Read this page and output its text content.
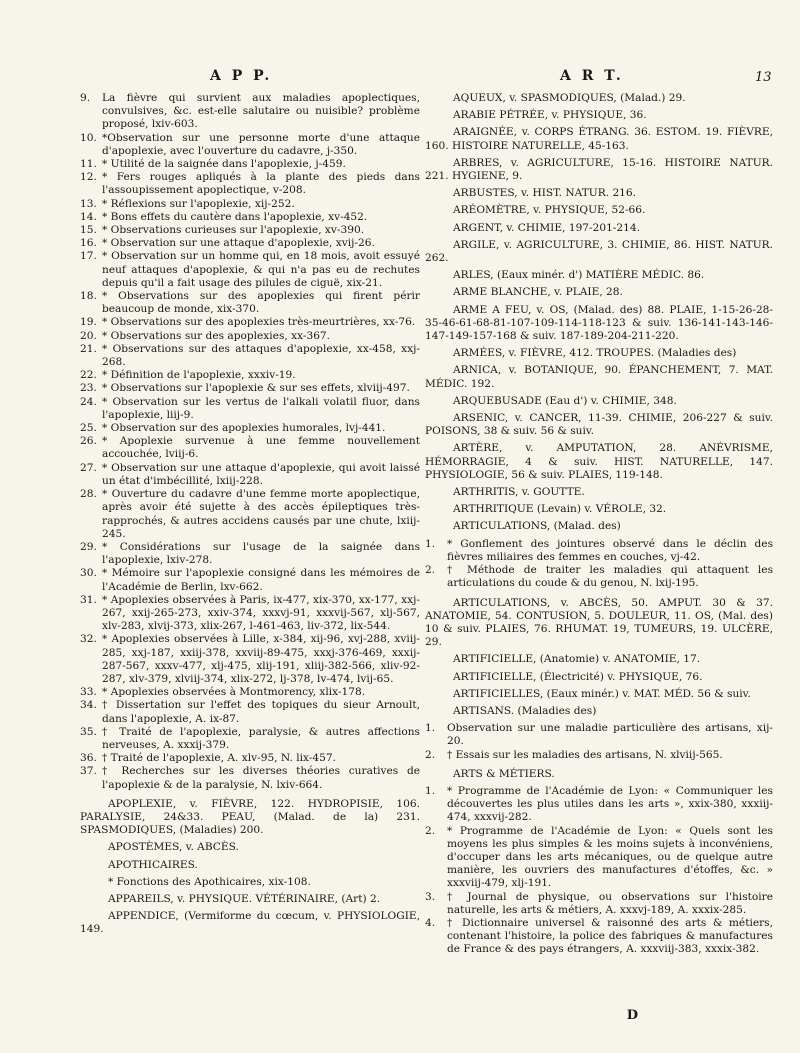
A P P.	A R T.	13
9.	La fièvre qui survient aux maladies apoplectiques, convulsives, &c. est-elle salutaire ou nuisible? problème proposé, lxiv-603.
10. *Observation sur une personne morte d'une attaque d'apoplexie, avec l'ouverture du cadavre, j-350.
11. * Utilité de la saignée dans l'apoplexie, j-459.
12. * Fers rouges apliqués à la plante des pieds dans l'assoupissement apoplectique, v-208.
13. * Réflexions sur l'apoplexie, xij-252.
14. * Bons effets du cautère dans l'apoplexie, xv-452.
15. * Observations curieuses sur l'apoplexie, xv-390.
16. * Observation sur une attaque d'apoplexie, xvij-26.
17. * Observation sur un homme qui, en 18 mois, avoit essuyé neuf attaques d'apoplexie, & qui n'a pas eu de rechutes depuis qu'il a fait usage des pilules de ciguë, xix-21.
18. * Observations sur des apoplexies qui firent périr beaucoup de monde, xix-370.
19. * Observations sur des apoplexies très-meurtrières, xx-76.
20. * Observations sur des apoplexies, xx-367.
21. * Observations sur des attaques d'apoplexie, xx-458, xxj-268.
22. * Définition de l'apoplexie, xxxiv-19.
23. * Observations sur l'apoplexie & sur ses effets, xlviij-497.
24. * Observation sur les vertus de l'alkali volatil fluor, dans l'apoplexie, liij-9.
25. * Observation sur des apoplexies humorales, lvj-441.
26. * Apoplexie survenue à une femme nouvellement accouchée, lviij-6.
27. * Observation sur une attaque d'apoplexie, qui avoit laissé un état d'imbécillité, lxiij-228.
28. * Ouverture du cadavre d'une femme morte apoplectique, après avoir été sujette à des accès épileptiques très-rapprochés, & autres accidens causés par une chute, lxiij-245.
29. * Considérations sur l'usage de la saignée dans l'apoplexie, lxiv-278.
30. * Mémoire sur l'apoplexie consigné dans les mémoires de l'Académie de Berlin, lxv-662.
31. * Apoplexies observées à Paris, ix-477, xix-370, xx-177, xxj-267, xxij-265-273, xxiv-374, xxxvj-91, xxxvij-567, xlj-567, xlv-283, xlvij-373, xlix-267, l-461-463, liv-372, lix-544.
32. * Apoplexies observées à Lille, x-384, xij-96, xvj-288, xviij-285, xxj-187, xxiij-378, xxviij-89-475, xxxj-376-469, xxxij-287-567, xxxv-477, xlj-475, xlij-191, xliij-382-566, xliv-92-287, xlv-379, xlviij-374, xlix-272, lj-378, lv-474, lvij-65.
33. * Apoplexies observées à Montmorency, xlix-178.
34. † Dissertation sur l'effet des topiques du sieur Arnoult, dans l'apoplexie, A. ix-87.
35. † Traité de l'apoplexie, paralysie, & autres affections nerveuses, A. xxxij-379.
36. † Traité de l'apoplexie, A. xlv-95, N. lix-457.
37. † Recherches sur les diverses théories curatives de l'apoplexie & de la paralysie, N. lxiv-664.
APOPLEXIE, v. FIÈVRE, 122. HYDROPISIE, 106. PARALYSIE, 24&33. PEAU, (Malad. de la) 231. SPASMODIQUES, (Maladies) 200.
APOSTÈMES, v. ABCÈS.
APOTHICAIRES.
* Fonctions des Apothicaires, xix-108.
APPAREILS, v. PHYSIQUE. VÉTÉRINAIRE, (Art) 2.
APPENDICE, (Vermiforme du cœcum, v. PHYSIOLOGIE, 149.
AQUEUX, v. SPASMODIQUES, (Malad.) 29.
ARABIE PÉTRÉE, v. PHYSIQUE, 36.
ARAIGNÉE, v. CORPS ÉTRANG. 36. ESTOM. 19. FIÈVRE, 160. HISTOIRE NATURELLE, 45-163.
ARBRES, v. AGRICULTURE, 15-16. HISTOIRE NATUR. 221. HYGIENE, 9.
ARBUSTES, v. HIST. NATUR. 216.
ARÉOMÈTRE, v. PHYSIQUE, 52-66.
ARGENT, v. CHIMIE, 197-201-214.
ARGILE, v. AGRICULTURE, 3. CHIMIE, 86. HIST. NATUR. 262.
ARLES, (Eaux minér. d') MATIÈRE MÉDIC. 86.
ARME BLANCHE, v. PLAIE, 28.
ARME A FEU, v. OS, (Malad. des) 88. PLAIE, 1-15-26-28-35-46-61-68-81-107-109-114-118-123 & suiv. 136-141-143-146-147-149-157-168 & suiv. 187-189-204-211-220.
ARMÉES, v. FIÈVRE, 412. TROUPES. (Maladies des)
ARNICA, v. BOTANIQUE, 90. ÉPANCHEMENT, 7. MAT. MÉDIC. 192.
ARQUEBUSADE (Eau d') v. CHIMIE, 348.
ARSENIC, v. CANCER, 11-39. CHIMIE, 206-227 & suiv. POISONS, 38 & suiv. 56 & suiv.
ARTÈRE, v. AMPUTATION, 28. ANÉVRISME, HÉMORRAGIE, 4 & suiv. HIST. NATURELLE, 147. PHYSIOLOGIE, 56 & suiv. PLAIES, 119-148.
ARTHRITIS, v. GOUTTE.
ARTHRITIQUE (Levain) v. VÉROLE, 32.
ARTICULATIONS, (Malad. des)
1.	* Gonflement des jointures observé dans le déclin des fièvres miliaires des femmes en couches, vj-42.
2.	† Méthode de traiter les maladies qui attaquent les articulations du coude & du genou, N. lxij-195.
ARTICULATIONS, v. ABCÈS, 50. AMPUT. 30 & 37. ANATOMIE, 54. CONTUSION, 5. DOULEUR, 11. OS, (Mal. des) 10 & suiv. PLAIES, 76. RHUMAT. 19, TUMEURS, 19. ULCÈRE, 29.
ARTIFICIELLE, (Anatomie) v. ANATOMIE, 17.
ARTIFICIELLE, (Électricité) v. PHYSIQUE, 76.
ARTIFICIELLES, (Eaux minér.) v. MAT. MÉD. 56 & suiv.
ARTISANS. (Maladies des)
1.	Observation sur une maladie particulière des artisans, xij-20.
2.	† Essais sur les maladies des artisans, N. xlviij-565.
ARTS & MÉTIERS.
1.	* Programme de l'Académie de Lyon: « Communiquer les découvertes les plus utiles dans les arts », xxix-380, xxxiij-474, xxxvij-282.
2.	* Programme de l'Académie de Lyon: « Quels sont les moyens les plus simples & les moins sujets à inconvéniens, d'occuper dans les arts mécaniques, ou de quelque autre manière, les ouvriers des manufactures d'étoffes, &c. » xxxviij-479, xlj-191.
3.	† Journal de physique, ou observations sur l'histoire naturelle, les arts & métiers, A. xxxvj-189, A. xxxix-285.
4.	† Dictionnaire universel & raisonné des arts & métiers, contenant l'histoire, la police des fabriques & manufactures de France & des pays étrangers, A. xxxviij-383, xxxix-382.
D
